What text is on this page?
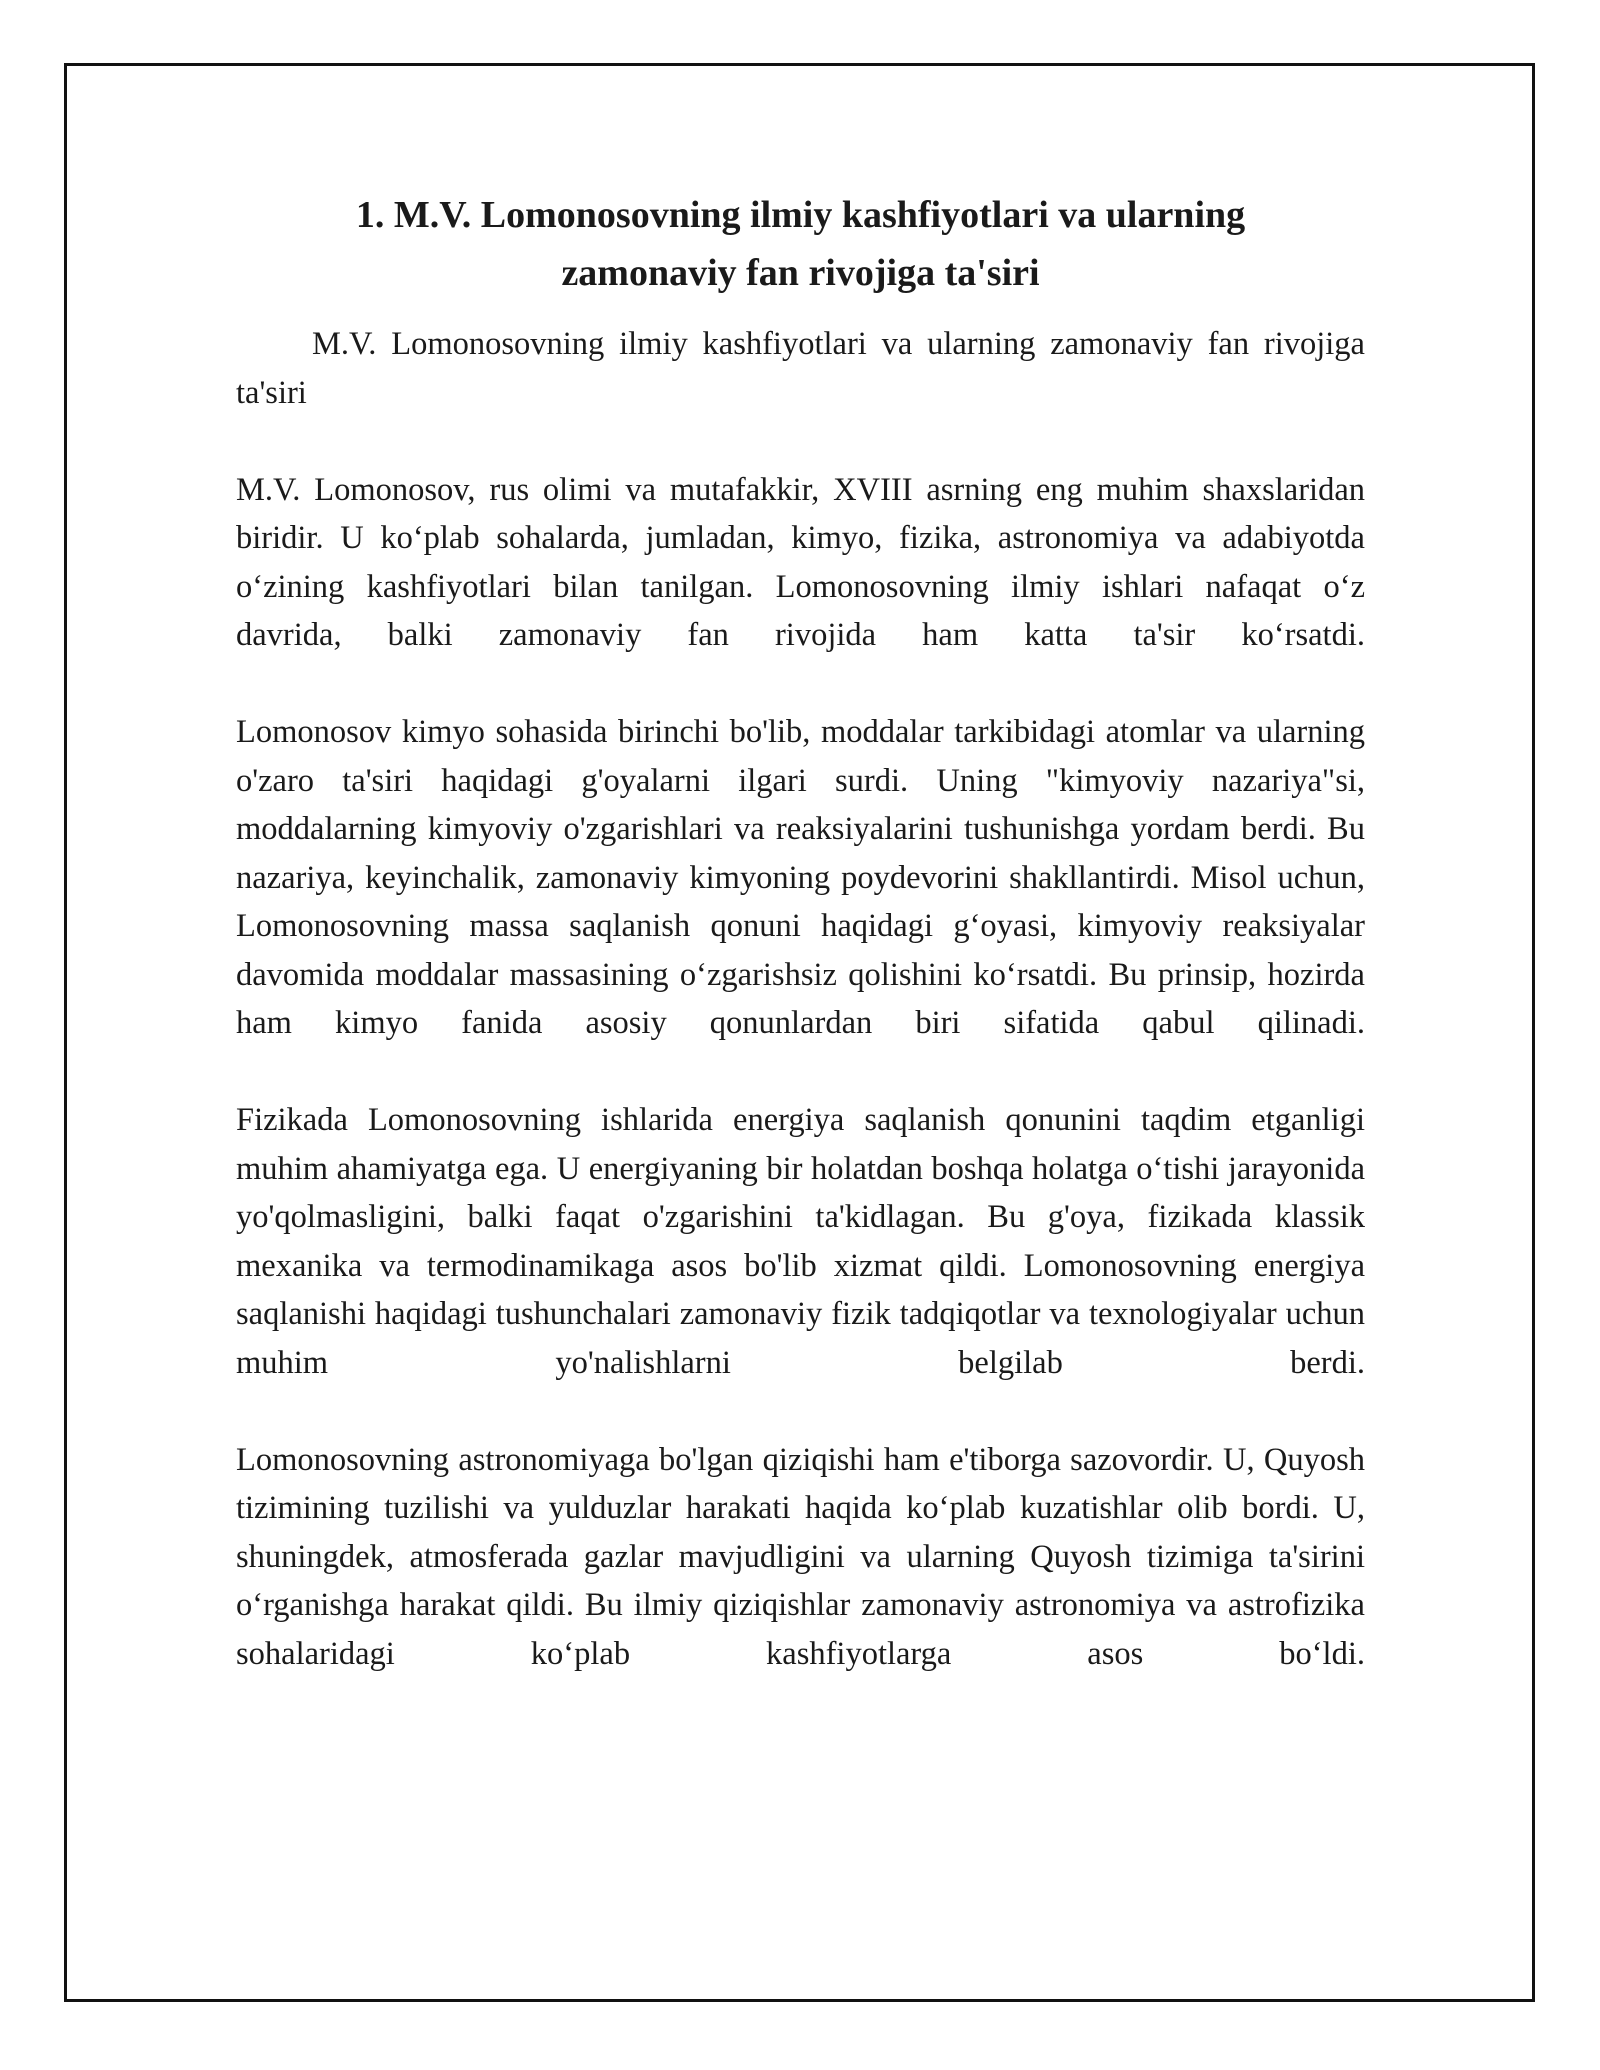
1. M.V. Lomonosovning ilmiy kashfiyotlari va ularning
zamonaviy fan rivojiga ta'siri

M.V. Lomonosovning ilmiy kashfiyotlari va ularning zamonaviy fan rivojiga ta'siri

M.V. Lomonosov, rus olimi va mutafakkir, XVIII asrning eng muhim shaxslaridan biridir. U ko‘plab sohalarda, jumladan, kimyo, fizika, astronomiya va adabiyotda o‘zining kashfiyotlari bilan tanilgan. Lomonosovning ilmiy ishlari nafaqat o‘z davrida, balki zamonaviy fan rivojida ham katta ta'sir ko‘rsatdi.

Lomonosov kimyo sohasida birinchi bo'lib, moddalar tarkibidagi atomlar va ularning o'zaro ta'siri haqidagi g'oyalarni ilgari surdi. Uning "kimyoviy nazariya"si, moddalarning kimyoviy o'zgarishlari va reaksiyalarini tushunishga yordam berdi. Bu nazariya, keyinchalik, zamonaviy kimyoning poydevorini shakllantirdi. Misol uchun, Lomonosovning massa saqlanish qonuni haqidagi g‘oyasi, kimyoviy reaksiyalar davomida moddalar massasining o‘zgarishsiz qolishini ko‘rsatdi. Bu prinsip, hozirda ham kimyo fanida asosiy qonunlardan biri sifatida qabul qilinadi.

Fizikada Lomonosovning ishlarida energiya saqlanish qonunini taqdim etganligi muhim ahamiyatga ega. U energiyaning bir holatdan boshqa holatga o‘tishi jarayonida yo'qolmasligini, balki faqat o'zgarishini ta'kidlagan. Bu g'oya, fizikada klassik mexanika va termodinamikaga asos bo'lib xizmat qildi. Lomonosovning energiya saqlanishi haqidagi tushunchalari zamonaviy fizik tadqiqotlar va texnologiyalar uchun muhim yo'nalishlarni belgilab berdi.

Lomonosovning astronomiyaga bo'lgan qiziqishi ham e'tiborga sazovordir. U, Quyosh tizimining tuzilishi va yulduzlar harakati haqida ko‘plab kuzatishlar olib bordi. U, shuningdek, atmosferada gazlar mavjudligini va ularning Quyosh tizimiga ta'sirini o‘rganishga harakat qildi. Bu ilmiy qiziqishlar zamonaviy astronomiya va astrofizika sohalaridagi ko‘plab kashfiyotlarga asos bo‘ldi.
